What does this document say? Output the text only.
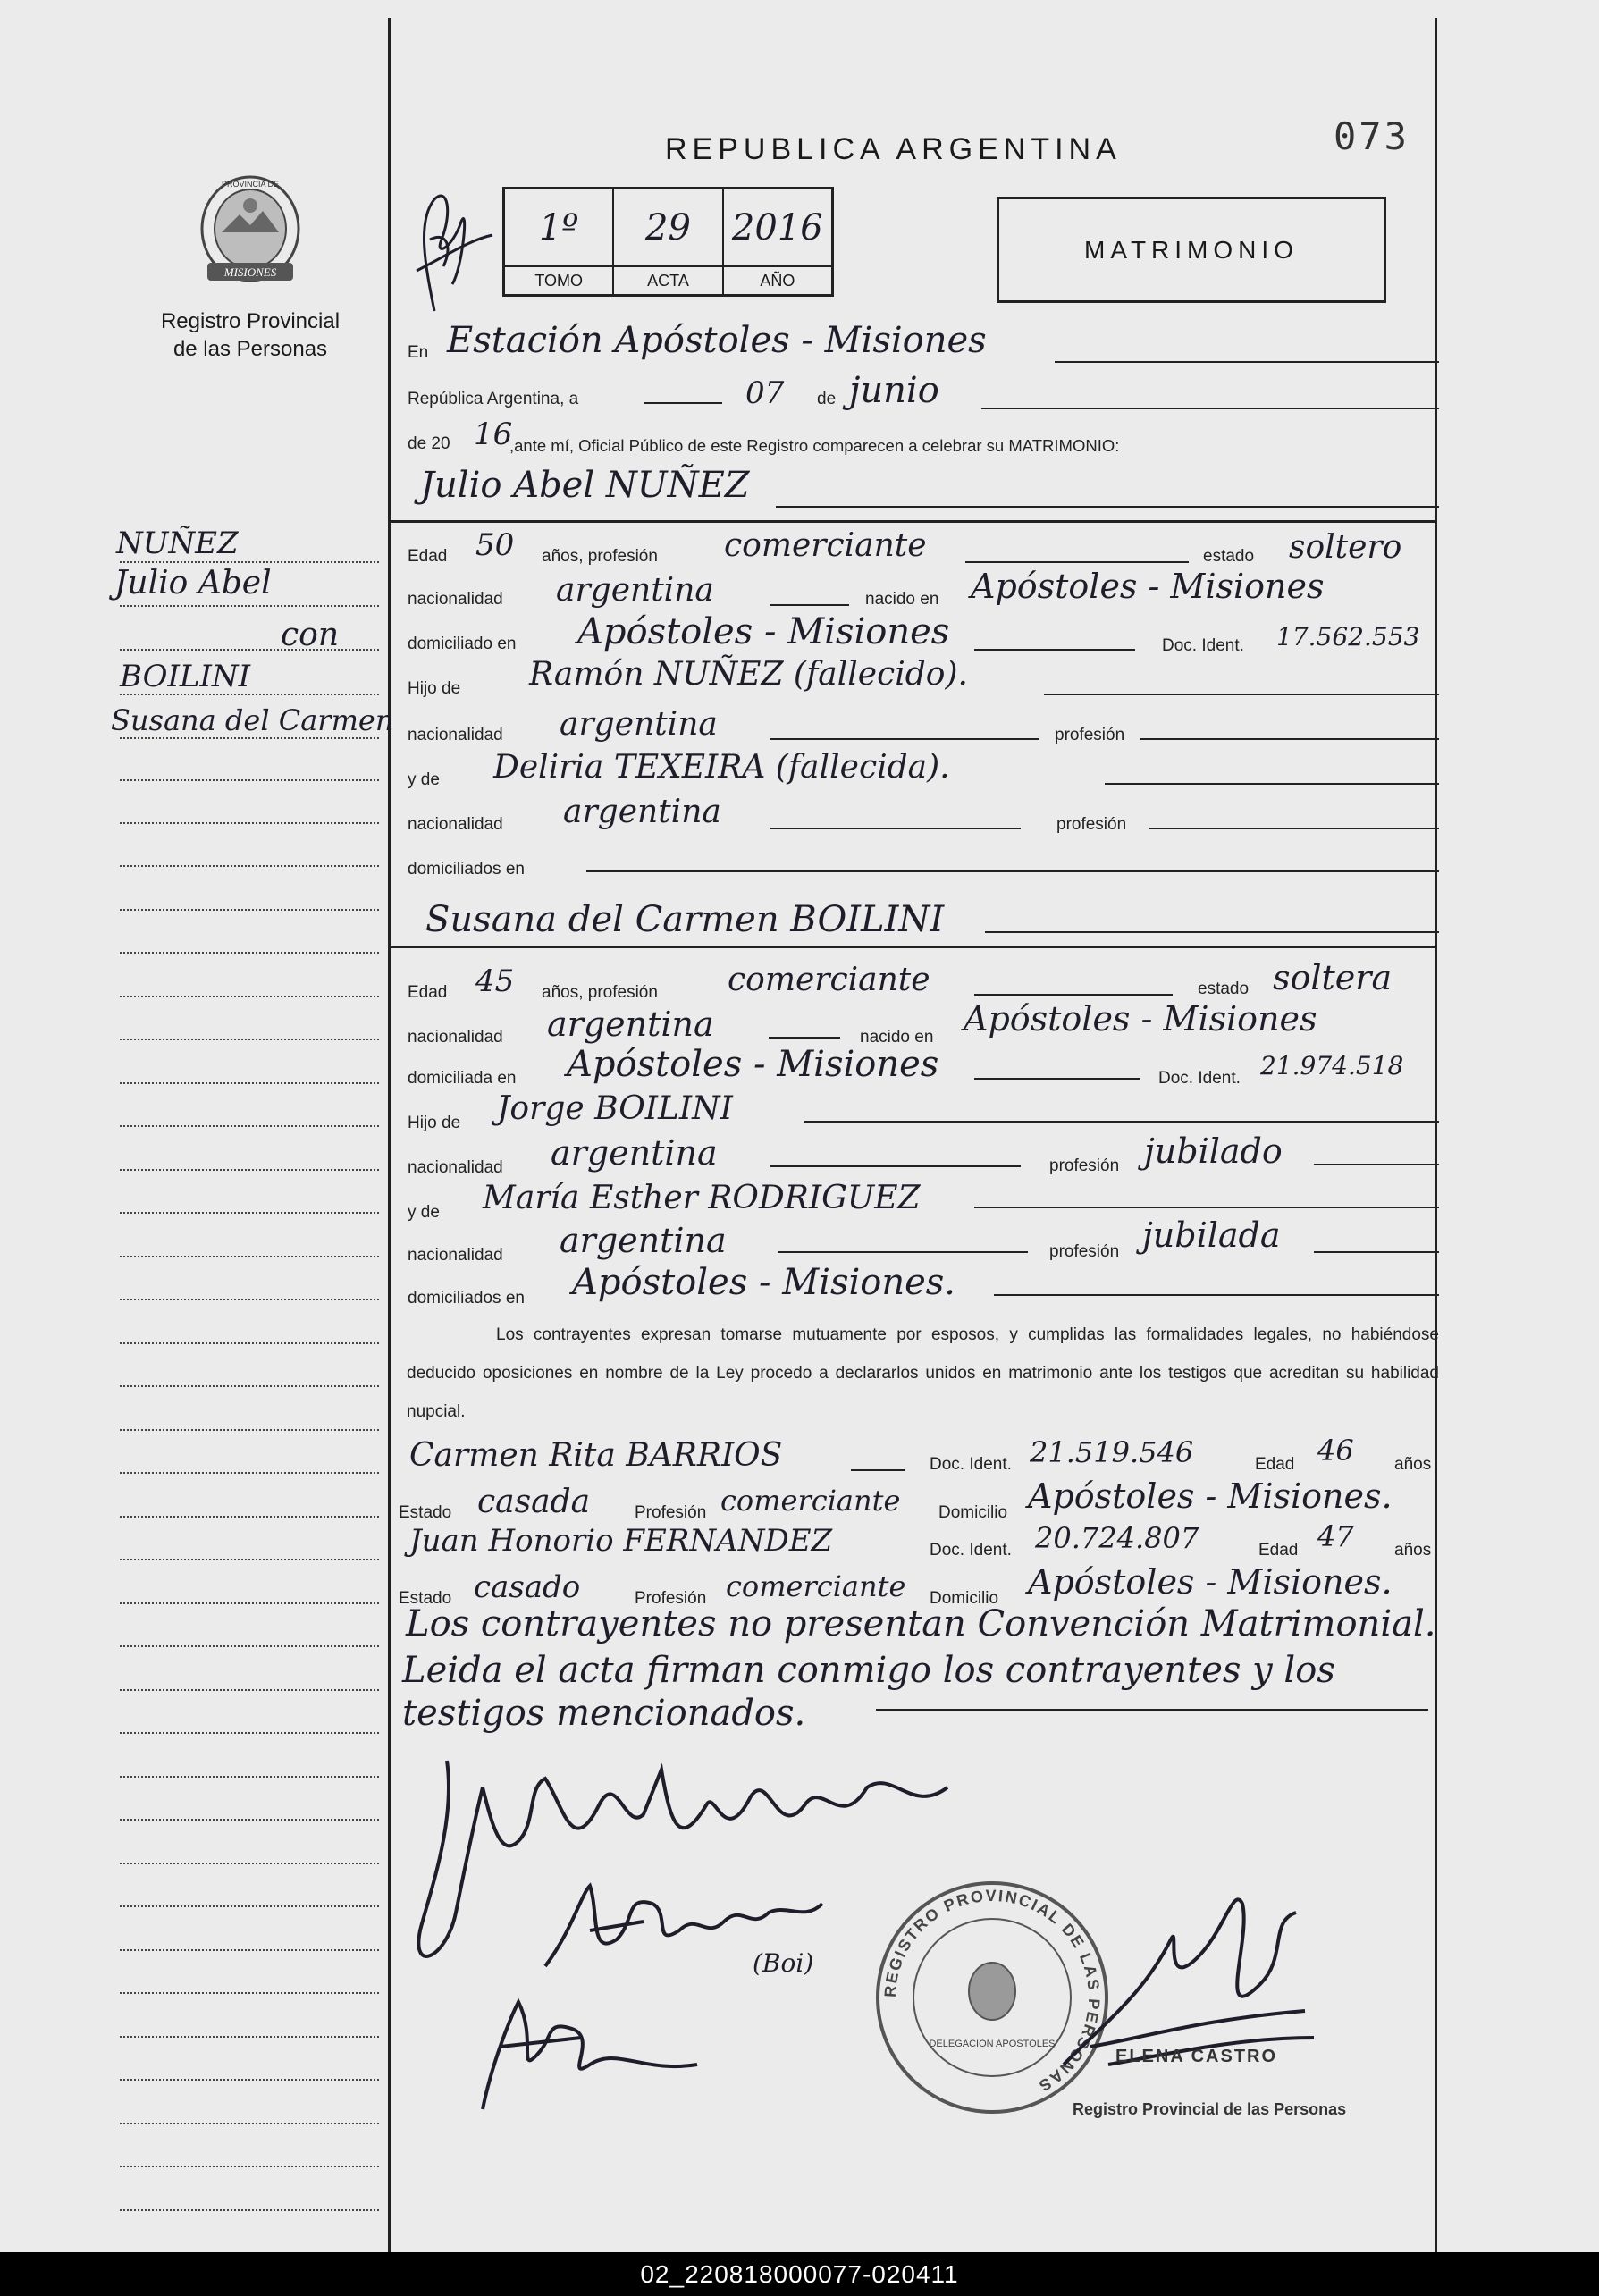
REPUBLICA ARGENTINA	073
PROVINCIA DE
MISIONES
Registro Provincial
de las Personas
1º 29 2016
TOMO	ACTA	AÑO
MATRIMONIO
NUÑEZ
Julio Abel
con
BOILINI
Susana del Carmen
En Estación Apóstoles - Misiones
República Argentina, a	07 de junio
de 20 16
,ante mí, Oficial Público de este Registro comparecen a celebrar su MATRIMONIO:
Julio Abel NUÑEZ
Edad 50 años, profesión comerciante	estado soltero
nacionalidad argentina	nacido en Apóstoles - Misiones
domiciliado en Apóstoles - Misiones	Doc. Ident. 17.562.553
Hijo de Ramón NUÑEZ (fallecido).
nacionalidad argentina	profesión
y de Deliria TEXEIRA (fallecida).
nacionalidad argentina	profesión
domiciliados en
Susana del Carmen BOILINI
Edad 45 años, profesión comerciante	estado soltera
nacionalidad argentina	nacido en Apóstoles - Misiones
domiciliada en Apóstoles - Misiones	Doc. Ident. 21.974.518
Hijo de Jorge BOILINI
nacionalidad argentina	profesión jubilado
y de María Esther RODRIGUEZ
nacionalidad argentina	profesión jubilada
domiciliados en Apóstoles - Misiones.
Los contrayentes expresan tomarse mutuamente por esposos, y cumplidas las formalidades legales, no habiéndose deducido oposiciones en nombre de la Ley procedo a declararlos unidos en matrimonio ante los testigos que acreditan su habilidad nupcial.
Carmen Rita BARRIOS	Doc. Ident. 21.519.546	Edad 46 años
Estado casada	Profesión comerciante Domicilio Apóstoles - Misiones.
Juan Honorio FERNANDEZ	Doc. Ident. 20.724.807	Edad 47 años
Estado casado	Profesión comerciante Domicilio Apóstoles - Misiones.
Los contrayentes no presentan Convención Matrimonial.
Leida el acta firman conmigo los contrayentes y los
testigos mencionados.
(Boi)
REGISTRO PROVINCIAL DE LAS PERSONAS
DELEGACION APOSTOLES
ELENA CASTRO
Registro Provincial de las Personas
02_220818000077-020411
